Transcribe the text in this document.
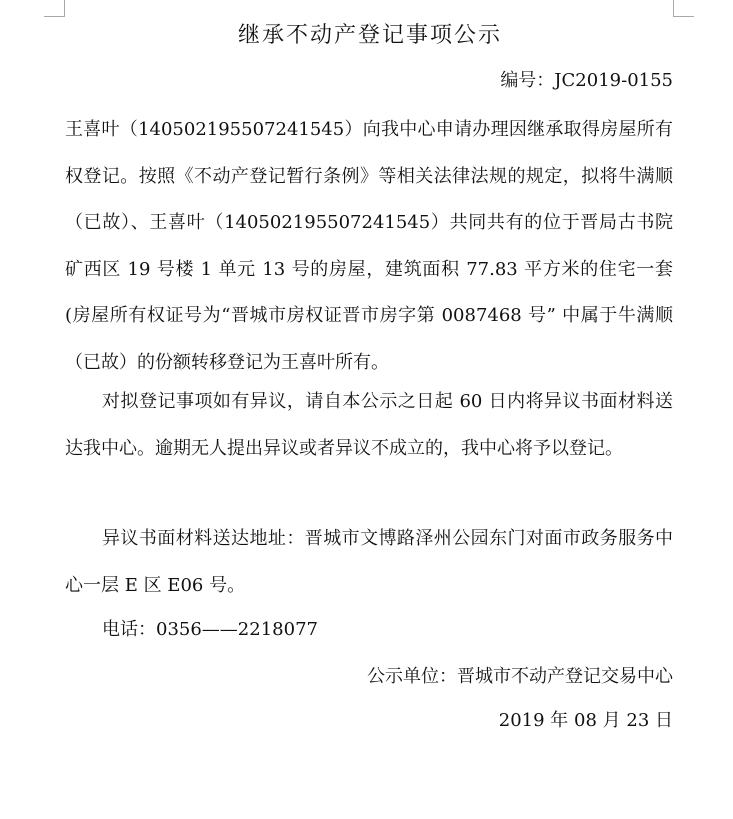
继承不动产登记事项公示
编号：JC2019-0155

王喜叶（140502195507241545）向我中心申请办理因继承取得房屋所有权登记。按照《不动产登记暂行条例》等相关法律法规的规定，拟将牛满顺（已故）、王喜叶（140502195507241545）共同共有的位于晋局古书院矿西区 19 号楼 1 单元 13 号的房屋，建筑面积 77.83 平方米的住宅一套(房屋所有权证号为“晋城市房权证晋市房字第 0087468 号” 中属于牛满顺（已故）的份额转移登记为王喜叶所有。

对拟登记事项如有异议，请自本公示之日起 60 日内将异议书面材料送达我中心。逾期无人提出异议或者异议不成立的，我中心将予以登记。

异议书面材料送达地址：晋城市文博路泽州公园东门对面市政务服务中心一层 E 区 E06 号。

电话：0356——2218077

公示单位：晋城市不动产登记交易中心
2019 年 08 月 23 日
